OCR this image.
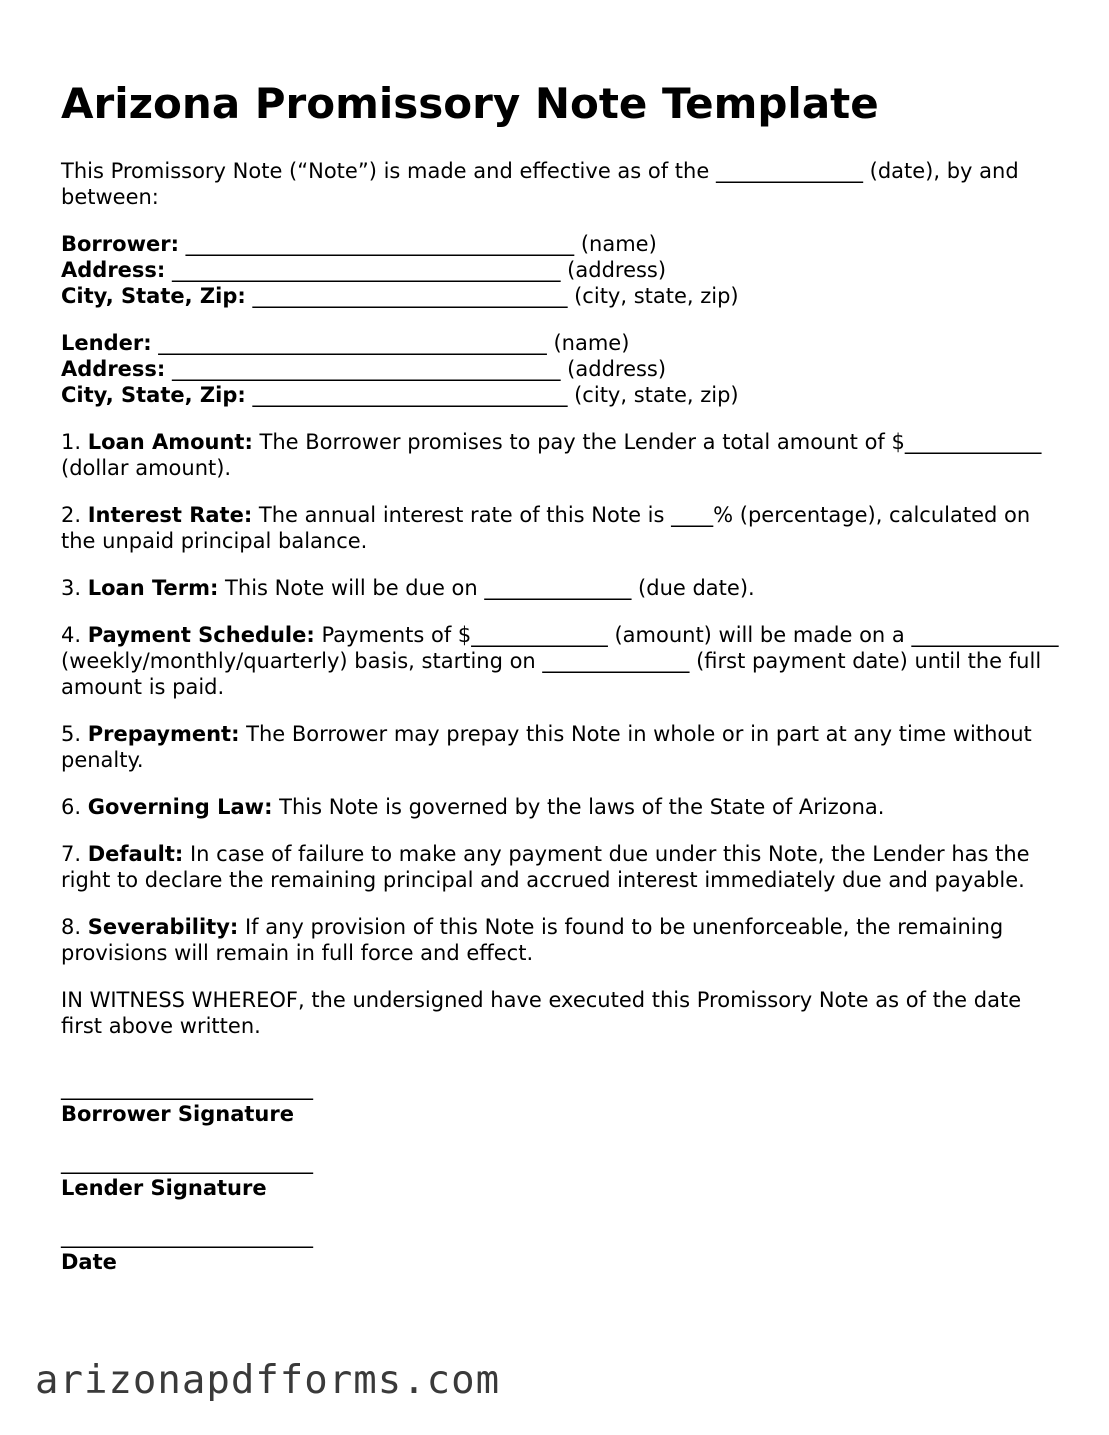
Arizona Promissory Note Template

This Promissory Note (“Note”) is made and effective as of the ______________ (date), by and between:

Borrower: _____________________________________ (name)
Address: _____________________________________ (address)
City, State, Zip: ______________________________ (city, state, zip)
Lender: _____________________________________ (name)
Address: _____________________________________ (address)
City, State, Zip: ______________________________ (city, state, zip)

1. Loan Amount: The Borrower promises to pay the Lender a total amount of $_____________ (dollar amount).

2. Interest Rate: The annual interest rate of this Note is ____% (percentage), calculated on the unpaid principal balance.

3. Loan Term: This Note will be due on ______________ (due date).

4. Payment Schedule: Payments of $_____________ (amount) will be made on a ______________ (weekly/monthly/quarterly) basis, starting on ______________ (first payment date) until the full amount is paid.

5. Prepayment: The Borrower may prepay this Note in whole or in part at any time without penalty.

6. Governing Law: This Note is governed by the laws of the State of Arizona.

7. Default: In case of failure to make any payment due under this Note, the Lender has the right to declare the remaining principal and accrued interest immediately due and payable.

8. Severability: If any provision of this Note is found to be unenforceable, the remaining provisions will remain in full force and effect.

IN WITNESS WHEREOF, the undersigned have executed this Promissory Note as of the date first above written.

________________________
Borrower Signature
________________________
Lender Signature
________________________
Date
arizonapdfforms.com
